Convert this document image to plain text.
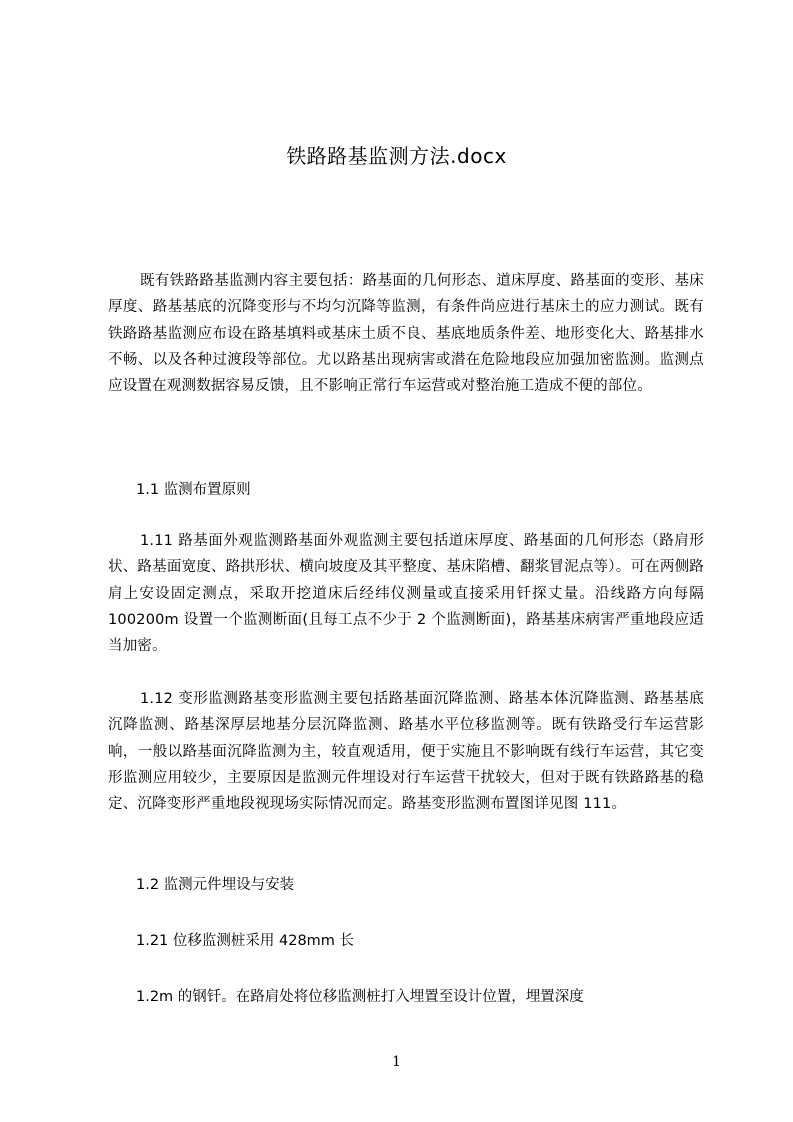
铁路路基监测方法.docx

既有铁路路基监测内容主要包括：路基面的几何形态、道床厚度、路基面的变形、基床厚度、路基基底的沉降变形与不均匀沉降等监测，有条件尚应进行基床土的应力测试。既有铁路路基监测应布设在路基填料或基床土质不良、基底地质条件差、地形变化大、路基排水不畅、以及各种过渡段等部位。尤以路基出现病害或潜在危险地段应加强加密监测。监测点应设置在观测数据容易反馈，且不影响正常行车运营或对整治施工造成不便的部位。

1.1 监测布置原则

1.11 路基面外观监测路基面外观监测主要包括道床厚度、路基面的几何形态（路肩形状、路基面宽度、路拱形状、横向坡度及其平整度、基床陷槽、翻浆冒泥点等）。可在两侧路肩上安设固定测点，采取开挖道床后经纬仪测量或直接采用钎探丈量。沿线路方向每隔 100200m 设置一个监测断面(且每工点不少于 2 个监测断面)，路基基床病害严重地段应适当加密。

1.12 变形监测路基变形监测主要包括路基面沉降监测、路基本体沉降监测、路基基底沉降监测、路基深厚层地基分层沉降监测、路基水平位移监测等。既有铁路受行车运营影响，一般以路基面沉降监测为主，较直观适用，便于实施且不影响既有线行车运营，其它变形监测应用较少，主要原因是监测元件埋设对行车运营干扰较大，但对于既有铁路路基的稳定、沉降变形严重地段视现场实际情况而定。路基变形监测布置图详见图 111。

1.2 监测元件埋设与安装
1.21 位移监测桩采用 428mm 长
1.2m 的钢钎。在路肩处将位移监测桩打入埋置至设计位置，埋置深度
1
